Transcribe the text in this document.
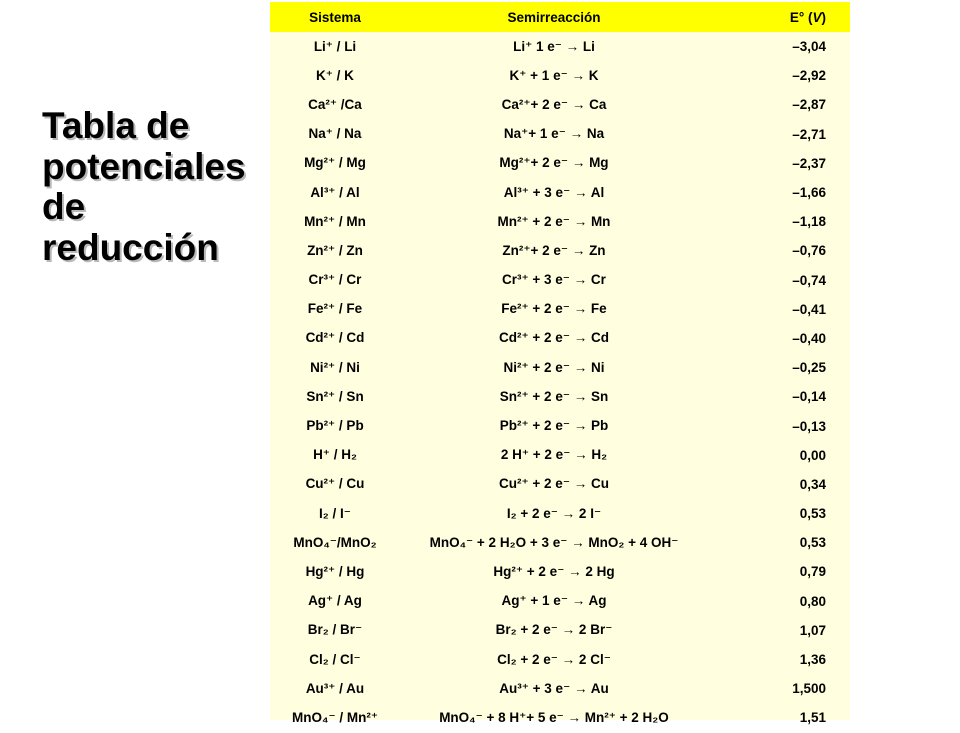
Tabla de
potenciales
de
reducción
Sistema	Semirreacción	E° (V)
Li⁺ / Li	Li⁺ 1 e⁻ → Li	–3,04
K⁺ / K	K⁺ + 1 e⁻ → K	–2,92
Ca²⁺ /Ca	Ca²⁺+ 2 e⁻ → Ca	–2,87
Na⁺ / Na	Na⁺+ 1 e⁻ → Na	–2,71
Mg²⁺ / Mg	Mg²⁺+ 2 e⁻ → Mg	–2,37
Al³⁺ / Al	Al³⁺ + 3 e⁻ → Al	–1,66
Mn²⁺ / Mn	Mn²⁺ + 2 e⁻ → Mn	–1,18
Zn²⁺ / Zn	Zn²⁺+ 2 e⁻ → Zn	–0,76
Cr³⁺ / Cr	Cr³⁺ + 3 e⁻ → Cr	–0,74
Fe²⁺ / Fe	Fe²⁺ + 2 e⁻ → Fe	–0,41
Cd²⁺ / Cd	Cd²⁺ + 2 e⁻ → Cd	–0,40
Ni²⁺ / Ni	Ni²⁺ + 2 e⁻ → Ni	–0,25
Sn²⁺ / Sn	Sn²⁺ + 2 e⁻ → Sn	–0,14
Pb²⁺ / Pb	Pb²⁺ + 2 e⁻ → Pb	–0,13
H⁺ / H₂	2 H⁺ + 2 e⁻ → H₂	0,00
Cu²⁺ / Cu	Cu²⁺ + 2 e⁻ → Cu	0,34
I₂ / I⁻	I₂ + 2 e⁻ → 2 I⁻	0,53
MnO₄⁻/MnO₂	MnO₄⁻ + 2 H₂O + 3 e⁻ → MnO₂ + 4 OH⁻	0,53
Hg²⁺ / Hg	Hg²⁺ + 2 e⁻ → 2 Hg	0,79
Ag⁺ / Ag	Ag⁺ + 1 e⁻ → Ag	0,80
Br₂ / Br⁻	Br₂ + 2 e⁻ → 2 Br⁻	1,07
Cl₂ / Cl⁻	Cl₂ + 2 e⁻ → 2 Cl⁻	1,36
Au³⁺ / Au	Au³⁺ + 3 e⁻ → Au	1,500
MnO₄⁻ / Mn²⁺	MnO₄⁻ + 8 H⁺+ 5 e⁻ → Mn²⁺ + 2 H₂O	1,51
